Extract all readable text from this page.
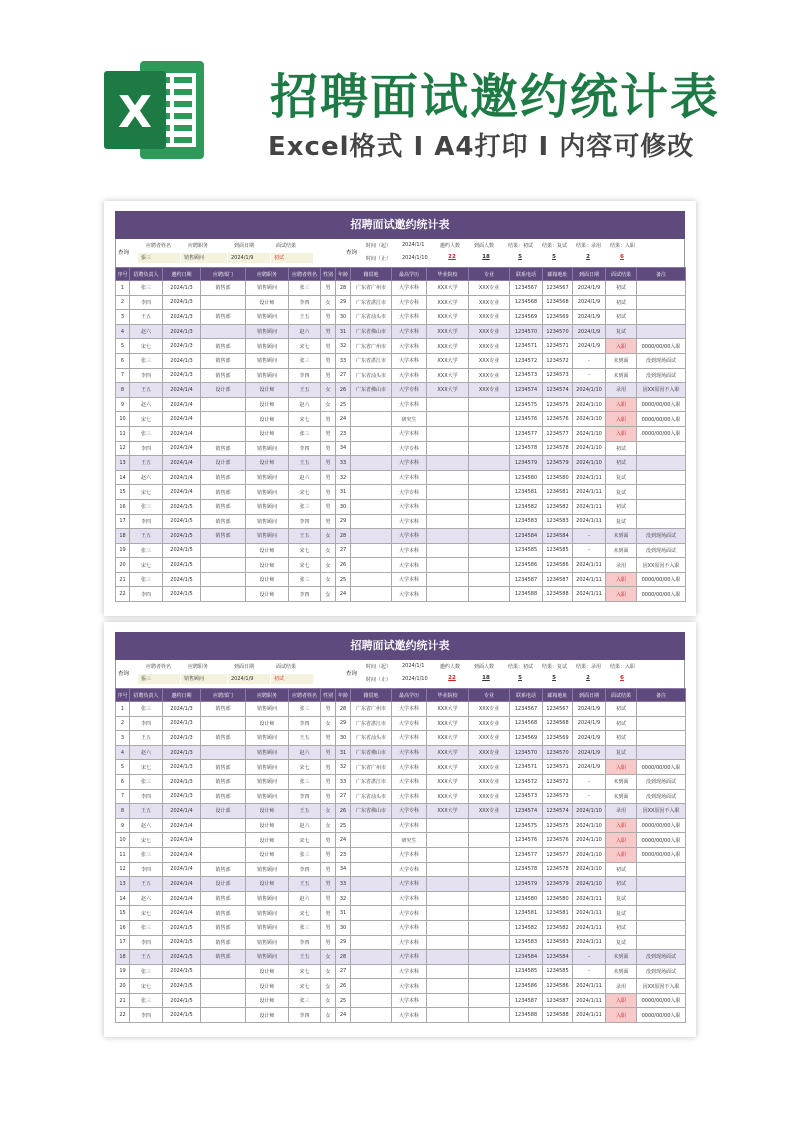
X 招聘面试邀约统计表
Excel格式 I A4打印 I 内容可修改
招聘面试邀约统计表
查询
应聘者姓名	应聘职务	到面日期	面试结果
張三	销售顾问	2024/1/9	初试
查询
时间（起）
时间（止）
2024/1/1
2024/1/10
邀约人数	到面人数	结果：初试 结果：复试 结果：录用 结果：入职
22	18	5	5	2	6
序号	招聘负责人	邀约日期	应聘部门	应聘职务	应聘者姓名	性别	年龄	籍贯地	最高学历	毕业院校	专业	联系电话	邮箱地址	到面日期	面试结果	备注
1	张三	2024/1/3	销售部	销售顾问	张三	男	28	广东省广州市	大学本科	XXX大学	XXX专业	1234567	1234567	2024/1/9	初试	
2	李四	2024/1/3		设计师	李四	女	29	广东省湛江市	大学专科	XXX大学	XXX专业	1234568	1234568	2024/1/9	初试	
3	王五	2024/1/3	销售部	销售顾问	王五	男	30	广东省汕头市	大学本科	XXX大学	XXX专业	1234569	1234569	2024/1/9	初试	
4	赵六	2024/1/3		销售顾问	赵六	男	31	广东省佛山市	大学本科	XXX大学	XXX专业	1234570	1234570	2024/1/9	复试	
5	宋七	2024/1/3	销售部	销售顾问	宋七	男	32	广东省广州市	大学本科	XXX大学	XXX专业	1234571	1234571	2024/1/9	入职	0000/00/00入职
6	张三	2024/1/3	销售部	销售顾问	张三	男	33	广东省湛江市	大学本科	XXX大学	XXX专业	1234572	1234572	-	未到面	没到现场面试
7	李四	2024/1/3	销售部	销售顾问	李四	男	27	广东省汕头市	大学本科	XXX大学	XXX专业	1234573	1234573	-	未到面	没到现场面试
8	王五	2024/1/4	设计部	设计师	王五	女	26	广东省佛山市	大学专科	XXX大学	XXX专业	1234574	1234574	2024/1/10	录用	因XX原因不入职
9	赵六	2024/1/4		设计师	赵六	女	25		大学本科			1234575	1234575	2024/1/10	入职	0000/00/00入职
10	宋七	2024/1/4		设计师	宋七	男	24		研究生			1234576	1234576	2024/1/10	入职	0000/00/00入职
11	张三	2024/1/4		设计师	张三	男	23		大学本科			1234577	1234577	2024/1/10	入职	0000/00/00入职
12	李四	2024/1/4	销售部	销售顾问	李四	男	34		大学专科			1234578	1234578	2024/1/10	初试	
13	王五	2024/1/4	设计部	设计师	王五	男	33		大学本科			1234579	1234579	2024/1/10	初试	
14	赵六	2024/1/4	销售部	销售顾问	赵六	男	32		大学本科			1234580	1234580	2024/1/11	复试	
15	宋七	2024/1/4	销售部	销售顾问	宋七	男	31		大学专科			1234581	1234581	2024/1/11	复试	
16	张三	2024/1/5	销售部	销售顾问	张三	男	30		大学本科			1234582	1234582	2024/1/11	初试	
17	李四	2024/1/5	销售部	销售顾问	李四	男	29		大学本科			1234583	1234583	2024/1/11	复试	
18	王五	2024/1/5	销售部	销售顾问	王五	女	28		大学本科			1234584	1234584	-	未到面	没到现场面试
19	张三	2024/1/5		设计师	宋七	女	27		大学本科			1234585	1234585	-	未到面	没到现场面试
20	宋七	2024/1/5		设计师	宋七	女	26		大学本科			1234586	1234586	2024/1/11	录用	因XX原因不入职
21	张三	2024/1/5		设计师	张三	女	25		大学本科			1234587	1234587	2024/1/11	入职	0000/00/00入职
22	李四	2024/1/5		设计师	李四	女	24		大学本科			1234588	1234588	2024/1/11	入职	0000/00/00入职
招聘面试邀约统计表
查询
应聘者姓名	应聘职务	到面日期	面试结果
張三	销售顾问	2024/1/9	初试
查询
时间（起）
时间（止）
2024/1/1
2024/1/10
邀约人数	到面人数	结果：初试 结果：复试 结果：录用 结果：入职
22	18	5	5	2	6
序号	招聘负责人	邀约日期	应聘部门	应聘职务	应聘者姓名	性别	年龄	籍贯地	最高学历	毕业院校	专业	联系电话	邮箱地址	到面日期	面试结果	备注
1	张三	2024/1/3	销售部	销售顾问	张三	男	28	广东省广州市	大学本科	XXX大学	XXX专业	1234567	1234567	2024/1/9	初试	
2	李四	2024/1/3		设计师	李四	女	29	广东省湛江市	大学专科	XXX大学	XXX专业	1234568	1234568	2024/1/9	初试	
3	王五	2024/1/3	销售部	销售顾问	王五	男	30	广东省汕头市	大学本科	XXX大学	XXX专业	1234569	1234569	2024/1/9	初试	
4	赵六	2024/1/3		销售顾问	赵六	男	31	广东省佛山市	大学本科	XXX大学	XXX专业	1234570	1234570	2024/1/9	复试	
5	宋七	2024/1/3	销售部	销售顾问	宋七	男	32	广东省广州市	大学本科	XXX大学	XXX专业	1234571	1234571	2024/1/9	入职	0000/00/00入职
6	张三	2024/1/3	销售部	销售顾问	张三	男	33	广东省湛江市	大学本科	XXX大学	XXX专业	1234572	1234572	-	未到面	没到现场面试
7	李四	2024/1/3	销售部	销售顾问	李四	男	27	广东省汕头市	大学本科	XXX大学	XXX专业	1234573	1234573	-	未到面	没到现场面试
8	王五	2024/1/4	设计部	设计师	王五	女	26	广东省佛山市	大学专科	XXX大学	XXX专业	1234574	1234574	2024/1/10	录用	因XX原因不入职
9	赵六	2024/1/4		设计师	赵六	女	25		大学本科			1234575	1234575	2024/1/10	入职	0000/00/00入职
10	宋七	2024/1/4		设计师	宋七	男	24		研究生			1234576	1234576	2024/1/10	入职	0000/00/00入职
11	张三	2024/1/4		设计师	张三	男	23		大学本科			1234577	1234577	2024/1/10	入职	0000/00/00入职
12	李四	2024/1/4	销售部	销售顾问	李四	男	34		大学专科			1234578	1234578	2024/1/10	初试	
13	王五	2024/1/4	设计部	设计师	王五	男	33		大学本科			1234579	1234579	2024/1/10	初试	
14	赵六	2024/1/4	销售部	销售顾问	赵六	男	32		大学本科			1234580	1234580	2024/1/11	复试	
15	宋七	2024/1/4	销售部	销售顾问	宋七	男	31		大学专科			1234581	1234581	2024/1/11	复试	
16	张三	2024/1/5	销售部	销售顾问	张三	男	30		大学本科			1234582	1234582	2024/1/11	初试	
17	李四	2024/1/5	销售部	销售顾问	李四	男	29		大学本科			1234583	1234583	2024/1/11	复试	
18	王五	2024/1/5	销售部	销售顾问	王五	女	28		大学本科			1234584	1234584	-	未到面	没到现场面试
19	张三	2024/1/5		设计师	宋七	女	27		大学本科			1234585	1234585	-	未到面	没到现场面试
20	宋七	2024/1/5		设计师	宋七	女	26		大学本科			1234586	1234586	2024/1/11	录用	因XX原因不入职
21	张三	2024/1/5		设计师	张三	女	25		大学本科			1234587	1234587	2024/1/11	入职	0000/00/00入职
22	李四	2024/1/5		设计师	李四	女	24		大学本科			1234588	1234588	2024/1/11	入职	0000/00/00入职
